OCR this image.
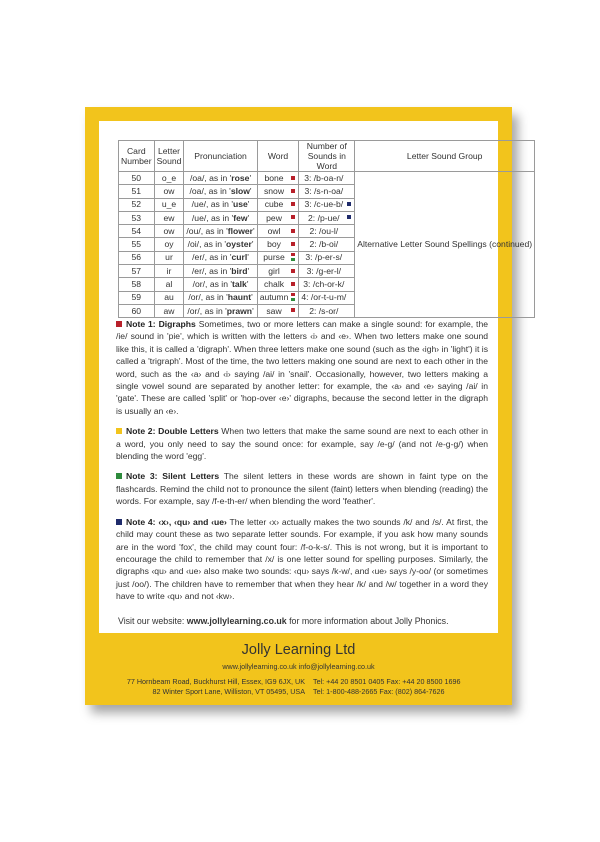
Card Number	Letter Sound	Pronunciation	Word	Number of Sounds in Word	Letter Sound Group
50	o_e	/oa/, as in 'rose'	bone	3: /b-oa-n/	Alternative Letter Sound Spellings (continued)
51	ow	/oa/, as in 'slow'	snow	3: /s-n-oa/	
52	u_e	/ue/, as in 'use'	cube	3: /c-ue-b/	

53	ew	/ue/, as in 'few'	pew	2: /p-ue/	

54	ow	/ou/, as in 'flower'	owl	2: /ou-l/	
55	oy	/oi/, as in 'oyster'	boy	2: /b-oi/	
56	ur	/er/, as in 'curl'	purse	3: /p-er-s/	
57	ir	/er/, as in 'bird'	girl	3: /g-er-l/	
58	al	/or/, as in 'talk'	chalk	3: /ch-or-k/	
59	au	/or/, as in 'haunt'	autumn	4: /or-t-u-m/	
60	aw	/or/, as in 'prawn'	saw	2: /s-or/	

Note 1: Digraphs Sometimes, two or more letters can make a single sound: for example, the /ie/ sound in 'pie', which is written with the letters ‹i› and ‹e›. When two letters make one sound like this, it is called a 'digraph'. When three letters make one sound (such as the ‹igh› in 'light') it is called a 'trigraph'. Most of the time, the two letters making one sound are next to each other in the word, such as the ‹a› and ‹i› saying /ai/ in 'snail'. Occasionally, however, two letters making a single vowel sound are separated by another letter: for example, the ‹a› and ‹e› saying /ai/ in 'gate'. These are called 'split' or 'hop-over ‹e›' digraphs, because the second letter in the digraph is usually an ‹e›.

Note 2: Double Letters When two letters that make the same sound are next to each other in a word, you only need to say the sound once: for example, say /e-g/ (and not /e-g-g/) when blending the word 'egg'.

Note 3: Silent Letters The silent letters in these words are shown in faint type on the flashcards. Remind the child not to pronounce the silent (faint) letters when blending (reading) the words. For example, say /f-e-th-er/ when blending the word 'feather'.

Note 4: ‹x›, ‹qu› and ‹ue› The letter ‹x› actually makes the two sounds /k/ and /s/. At first, the child may count these as two separate letter sounds. For example, if you ask how many sounds are in the word 'fox', the child may count four: /f-o-k-s/. This is not wrong, but it is important to encourage the child to remember that /x/ is one letter sound for spelling purposes. Similarly, the digraphs ‹qu› and ‹ue› also make two sounds: ‹qu› says /k-w/, and ‹ue› says /y-oo/ (or sometimes just /oo/). The children have to remember that when they hear /k/ and /w/ together in a word they have to write ‹qu› and not ‹kw›.

Visit our website: www.jollylearning.co.uk for more information about Jolly Phonics.
Jolly Learning Ltd
www.jollylearning.co.uk info@jollylearning.co.uk
77 Hornbeam Road, Buckhurst Hill, Essex, IG9 6JX, UK
82 Winter Sport Lane, Williston, VT 05495, USA
Tel: +44 20 8501 0405 Fax: +44 20 8500 1696
Tel: 1-800-488-2665 Fax: (802) 864-7626
